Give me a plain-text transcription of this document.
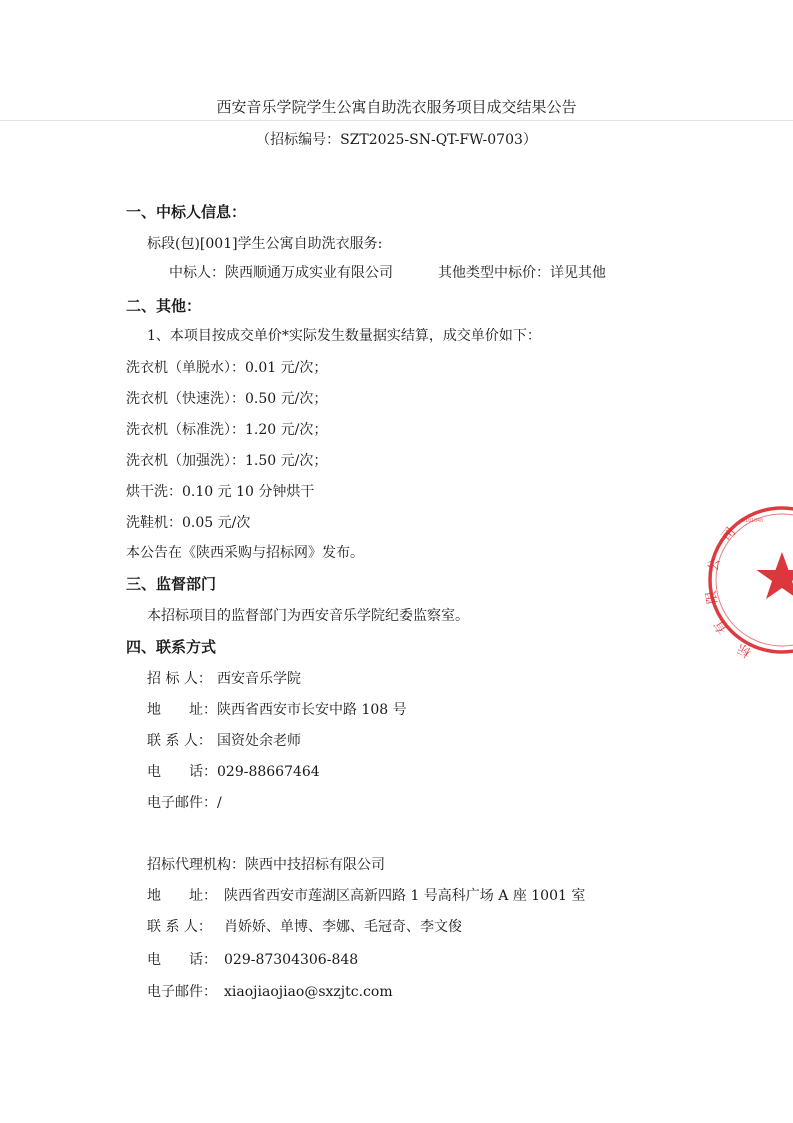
西安音乐学院学生公寓自助洗衣服务项目成交结果公告
（招标编号：SZT2025-SN-QT-FW-0703）
一、中标人信息：
标段(包)[001]学生公寓自助洗衣服务:
中标人：陕西顺通万成实业有限公司	其他类型中标价：详见其他
二、其他：
1、本项目按成交单价*实际发生数量据实结算，成交单价如下：
洗衣机（单脱水）：0.01 元/次；
洗衣机（快速洗）：0.50 元/次；
洗衣机（标准洗）：1.20 元/次；
洗衣机（加强洗）：1.50 元/次；
烘干洗：0.10 元 10 分钟烘干
洗鞋机：0.05 元/次
本公告在《陕西采购与招标网》发布。
三、监督部门
本招标项目的监督部门为西安音乐学院纪委监察室。
四、联系方式
招 标 人： 西安音乐学院
地　　址： 陕西省西安市长安中路 108 号
联 系 人： 国资处余老师
电　　话： 029-88667464
电子邮件： /
招标代理机构： 陕西中技招标有限公司
地　　址： 陕西省西安市莲湖区高新四路 1 号高科广场 A 座 1001 室
联 系 人： 肖娇娇、单博、李娜、毛冠奇、李文俊
电　　话： 029-87304306-848
电子邮件： xiaojiaojiao@sxzjtc.com
司
公
限
有
标
6101040
